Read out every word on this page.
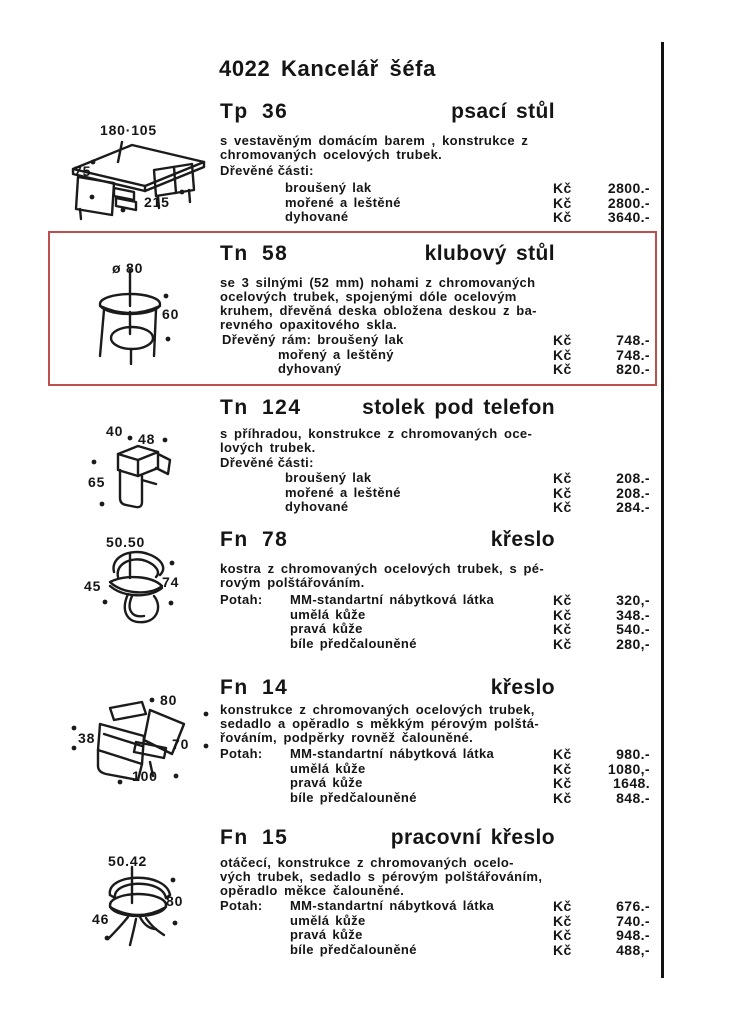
4022 Kancelář šéfa
Tp 36	psací stůl
s vestavěným domácím barem , konstrukce z
chromovaných ocelových trubek.
Dřevěné části:
broušený lak	Kč	2800.-
mořené a leštěné	Kč	2800.-
dyhované	Kč	3640.-
Tn 58	klubový stůl
se 3 silnými (52 mm) nohami z chromovaných
ocelových trubek, spojenými dóle ocelovým
kruhem, dřevěná deska obložena deskou z ba-
revného opaxitového skla.
Dřevěný rám: broušený lak	Kč	748.-
mořený a leštěný	Kč	748.-
dyhovaný	Kč	820.-
Tn 124	stolek pod telefon
s příhradou, konstrukce z chromovaných oce-
lových trubek.
Dřevěné části:
broušený lak	Kč	208.-
mořené a leštěné	Kč	208.-
dyhované	Kč	284.-
Fn 78	křeslo
kostra z chromovaných ocelových trubek, s pé-
rovým polštářováním.
Potah: MM-standartní nábytková látka	Kč	320,-
umělá kůže	Kč	348.-
pravá kůže	Kč	540.-
bíle předčalouněné	Kč	280,-
Fn 14	křeslo
konstrukce z chromovaných ocelových trubek,
sedadlo a opěradlo s měkkým pérovým polštá-
řováním, podpěrky rovněž čalouněné.
Potah: MM-standartní nábytková látka	Kč	980.-
umělá kůže	Kč	1080,-
pravá kůže	Kč	1648.
bíle předčalouněné	Kč	848.-
Fn 15	pracovní křeslo
otáčecí, konstrukce z chromovaných ocelo-
vých trubek, sedadlo s pérovým polštářováním,
opěradlo měkce čalouněné.
Potah: MM-standartní nábytková látka	Kč	676.-
umělá kůže	Kč	740.-
pravá kůže	Kč	948.-
bíle předčalouněné	Kč	488,-
180·105
75
215
ø 80
60
40 48
65
50.50
45	74
80
38	70
100
50.42
46
80
